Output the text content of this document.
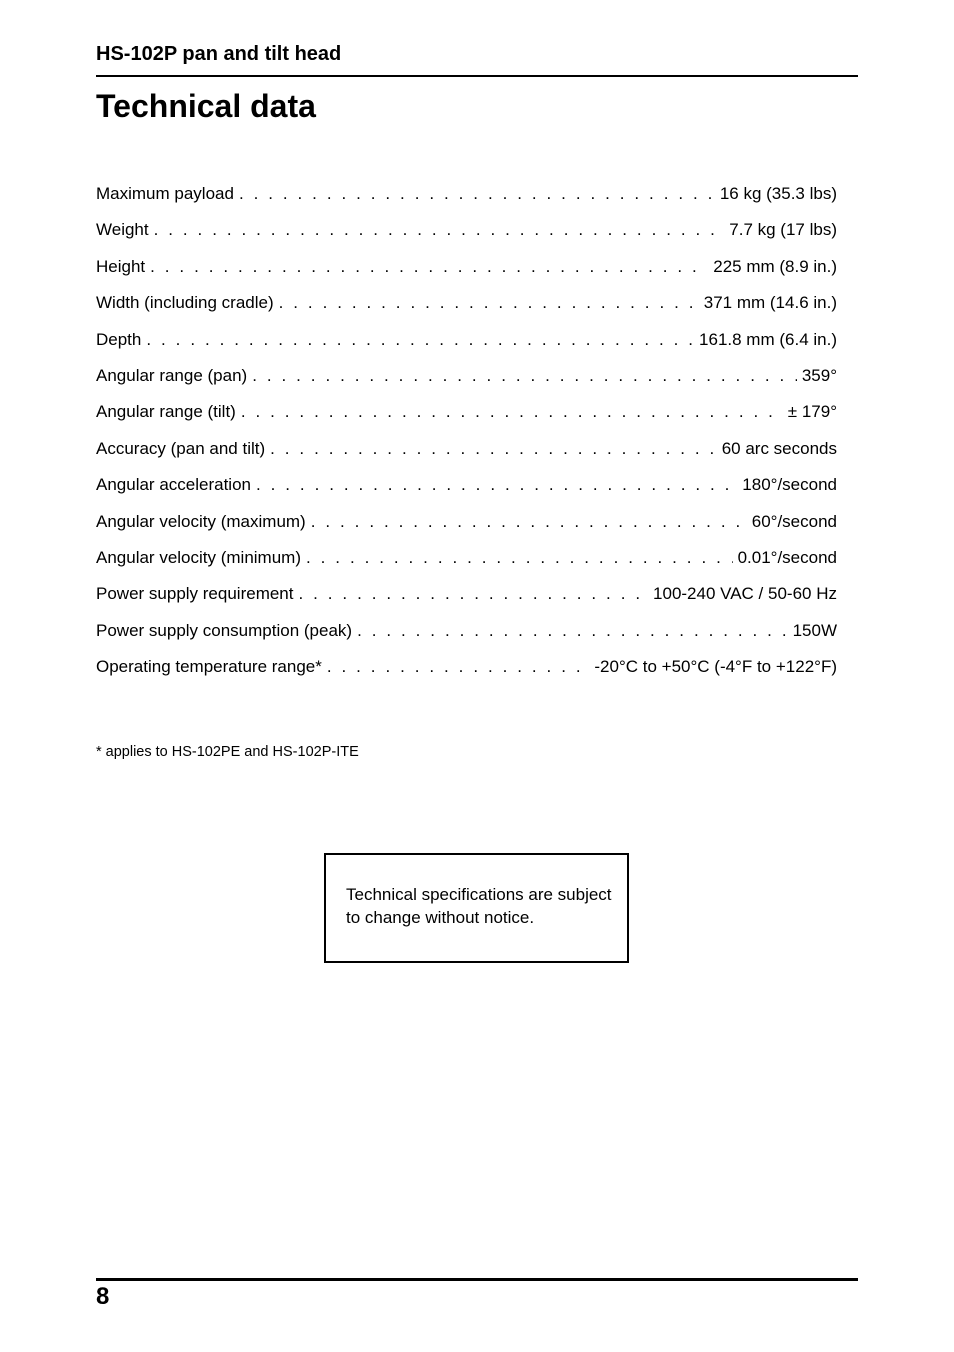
HS-102P pan and tilt head
Technical data
Maximum payload . . .	16 kg (35.3 lbs)
Weight . . .	7.7 kg (17 lbs)
Height . . .	225 mm (8.9 in.)
Width (including cradle) . . .	371 mm (14.6 in.)
Depth . . .	161.8 mm (6.4 in.)
Angular range (pan) . . .	359°
Angular range (tilt) . . .	± 179°
Accuracy (pan and tilt) . . .	60 arc seconds
Angular acceleration . . .	180°/second
Angular velocity (maximum) . . .	60°/second
Angular velocity (minimum) . . .	0.01°/second
Power supply requirement . . .	100-240 VAC / 50-60 Hz
Power supply consumption (peak) . . .	150W
Operating temperature range* . . .	-20°C to +50°C (-4°F to +122°F)
* applies to HS-102PE and HS-102P-ITE
Technical specifications are subject to change without notice.
8
